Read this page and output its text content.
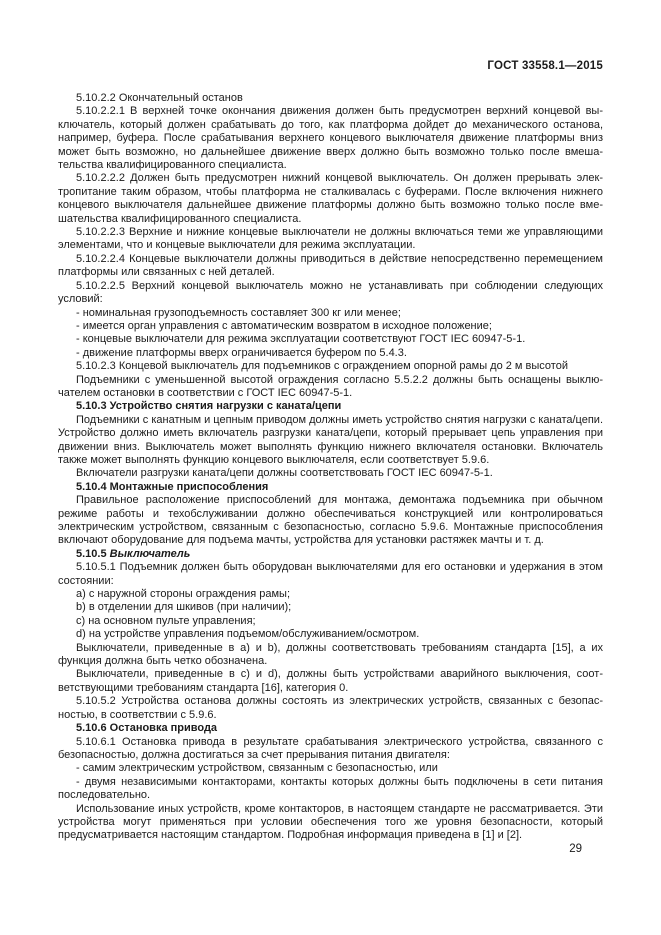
ГОСТ 33558.1—2015

5.10.2.2 Окончательный останов

5.10.2.2.1 В верхней точке окончания движения должен быть предусмотрен верхний концевой выключатель, который должен срабатывать до того, как платформа дойдет до механического останова, например, буфера. После срабатывания верхнего концевого выключателя движение платформы вниз может быть возможно, но дальнейшее движение вверх должно быть возможно только после вмешательства квалифицированного специалиста.

5.10.2.2.2 Должен быть предусмотрен нижний концевой выключатель. Он должен прерывать электропитание таким образом, чтобы платформа не сталкивалась с буферами. После включения нижнего концевого выключателя дальнейшее движение платформы должно быть возможно только после вмешательства квалифицированного специалиста.

5.10.2.2.3 Верхние и нижние концевые выключатели не должны включаться теми же управляющими элементами, что и концевые выключатели для режима эксплуатации.

5.10.2.2.4 Концевые выключатели должны приводиться в действие непосредственно перемещением платформы или связанных с ней деталей.

5.10.2.2.5 Верхний концевой выключатель можно не устанавливать при соблюдении следующих условий:

- номинальная грузоподъемность составляет 300 кг или менее;

- имеется орган управления с автоматическим возвратом в исходное положение;

- концевые выключатели для режима эксплуатации соответствуют ГОСТ IEC 60947-5-1.

- движение платформы вверх ограничивается буфером по 5.4.3.

5.10.2.3 Концевой выключатель для подъемников с ограждением опорной рамы до 2 м высотой

Подъемники с уменьшенной высотой ограждения согласно 5.5.2.2 должны быть оснащены выключателем остановки в соответствии с ГОСТ IEC 60947-5-1.

5.10.3 Устройство снятия нагрузки с каната/цепи

Подъемники с канатным и цепным приводом должны иметь устройство снятия нагрузки с каната/цепи. Устройство должно иметь включатель разгрузки каната/цепи, который прерывает цепь управления при движении вниз. Выключатель может выполнять функцию нижнего включателя остановки. Включатель также может выполнять функцию концевого выключателя, если соответствует 5.9.6.

Включатели разгрузки каната/цепи должны соответствовать ГОСТ IEC 60947-5-1.

5.10.4 Монтажные приспособления

Правильное расположение приспособлений для монтажа, демонтажа подъемника при обычном режиме работы и техобслуживании должно обеспечиваться конструкцией или контролироваться электрическим устройством, связанным с безопасностью, согласно 5.9.6. Монтажные приспособления включают оборудование для подъема мачты, устройства для установки растяжек мачты и т. д.

5.10.5 Выключатель

5.10.5.1 Подъемник должен быть оборудован выключателями для его остановки и удержания в этом состоянии:

a) с наружной стороны ограждения рамы;

b) в отделении для шкивов (при наличии);

c) на основном пульте управления;

d) на устройстве управления подъемом/обслуживанием/осмотром.

Выключатели, приведенные в a) и b), должны соответствовать требованиям стандарта [15], а их функция должна быть четко обозначена.

Выключатели, приведенные в c) и d), должны быть устройствами аварийного выключения, соответствующими требованиям стандарта [16], категория 0.

5.10.5.2 Устройства останова должны состоять из электрических устройств, связанных с безопасностью, в соответствии с 5.9.6.

5.10.6 Остановка привода

5.10.6.1 Остановка привода в результате срабатывания электрического устройства, связанного с безопасностью, должна достигаться за счет прерывания питания двигателя:

- самим электрическим устройством, связанным с безопасностью, или

- двумя независимыми контакторами, контакты которых должны быть подключены в сети питания последовательно.

Использование иных устройств, кроме контакторов, в настоящем стандарте не рассматривается. Эти устройства могут применяться при условии обеспечения того же уровня безопасности, который предусматривается настоящим стандартом. Подробная информация приведена в [1] и [2].

29
